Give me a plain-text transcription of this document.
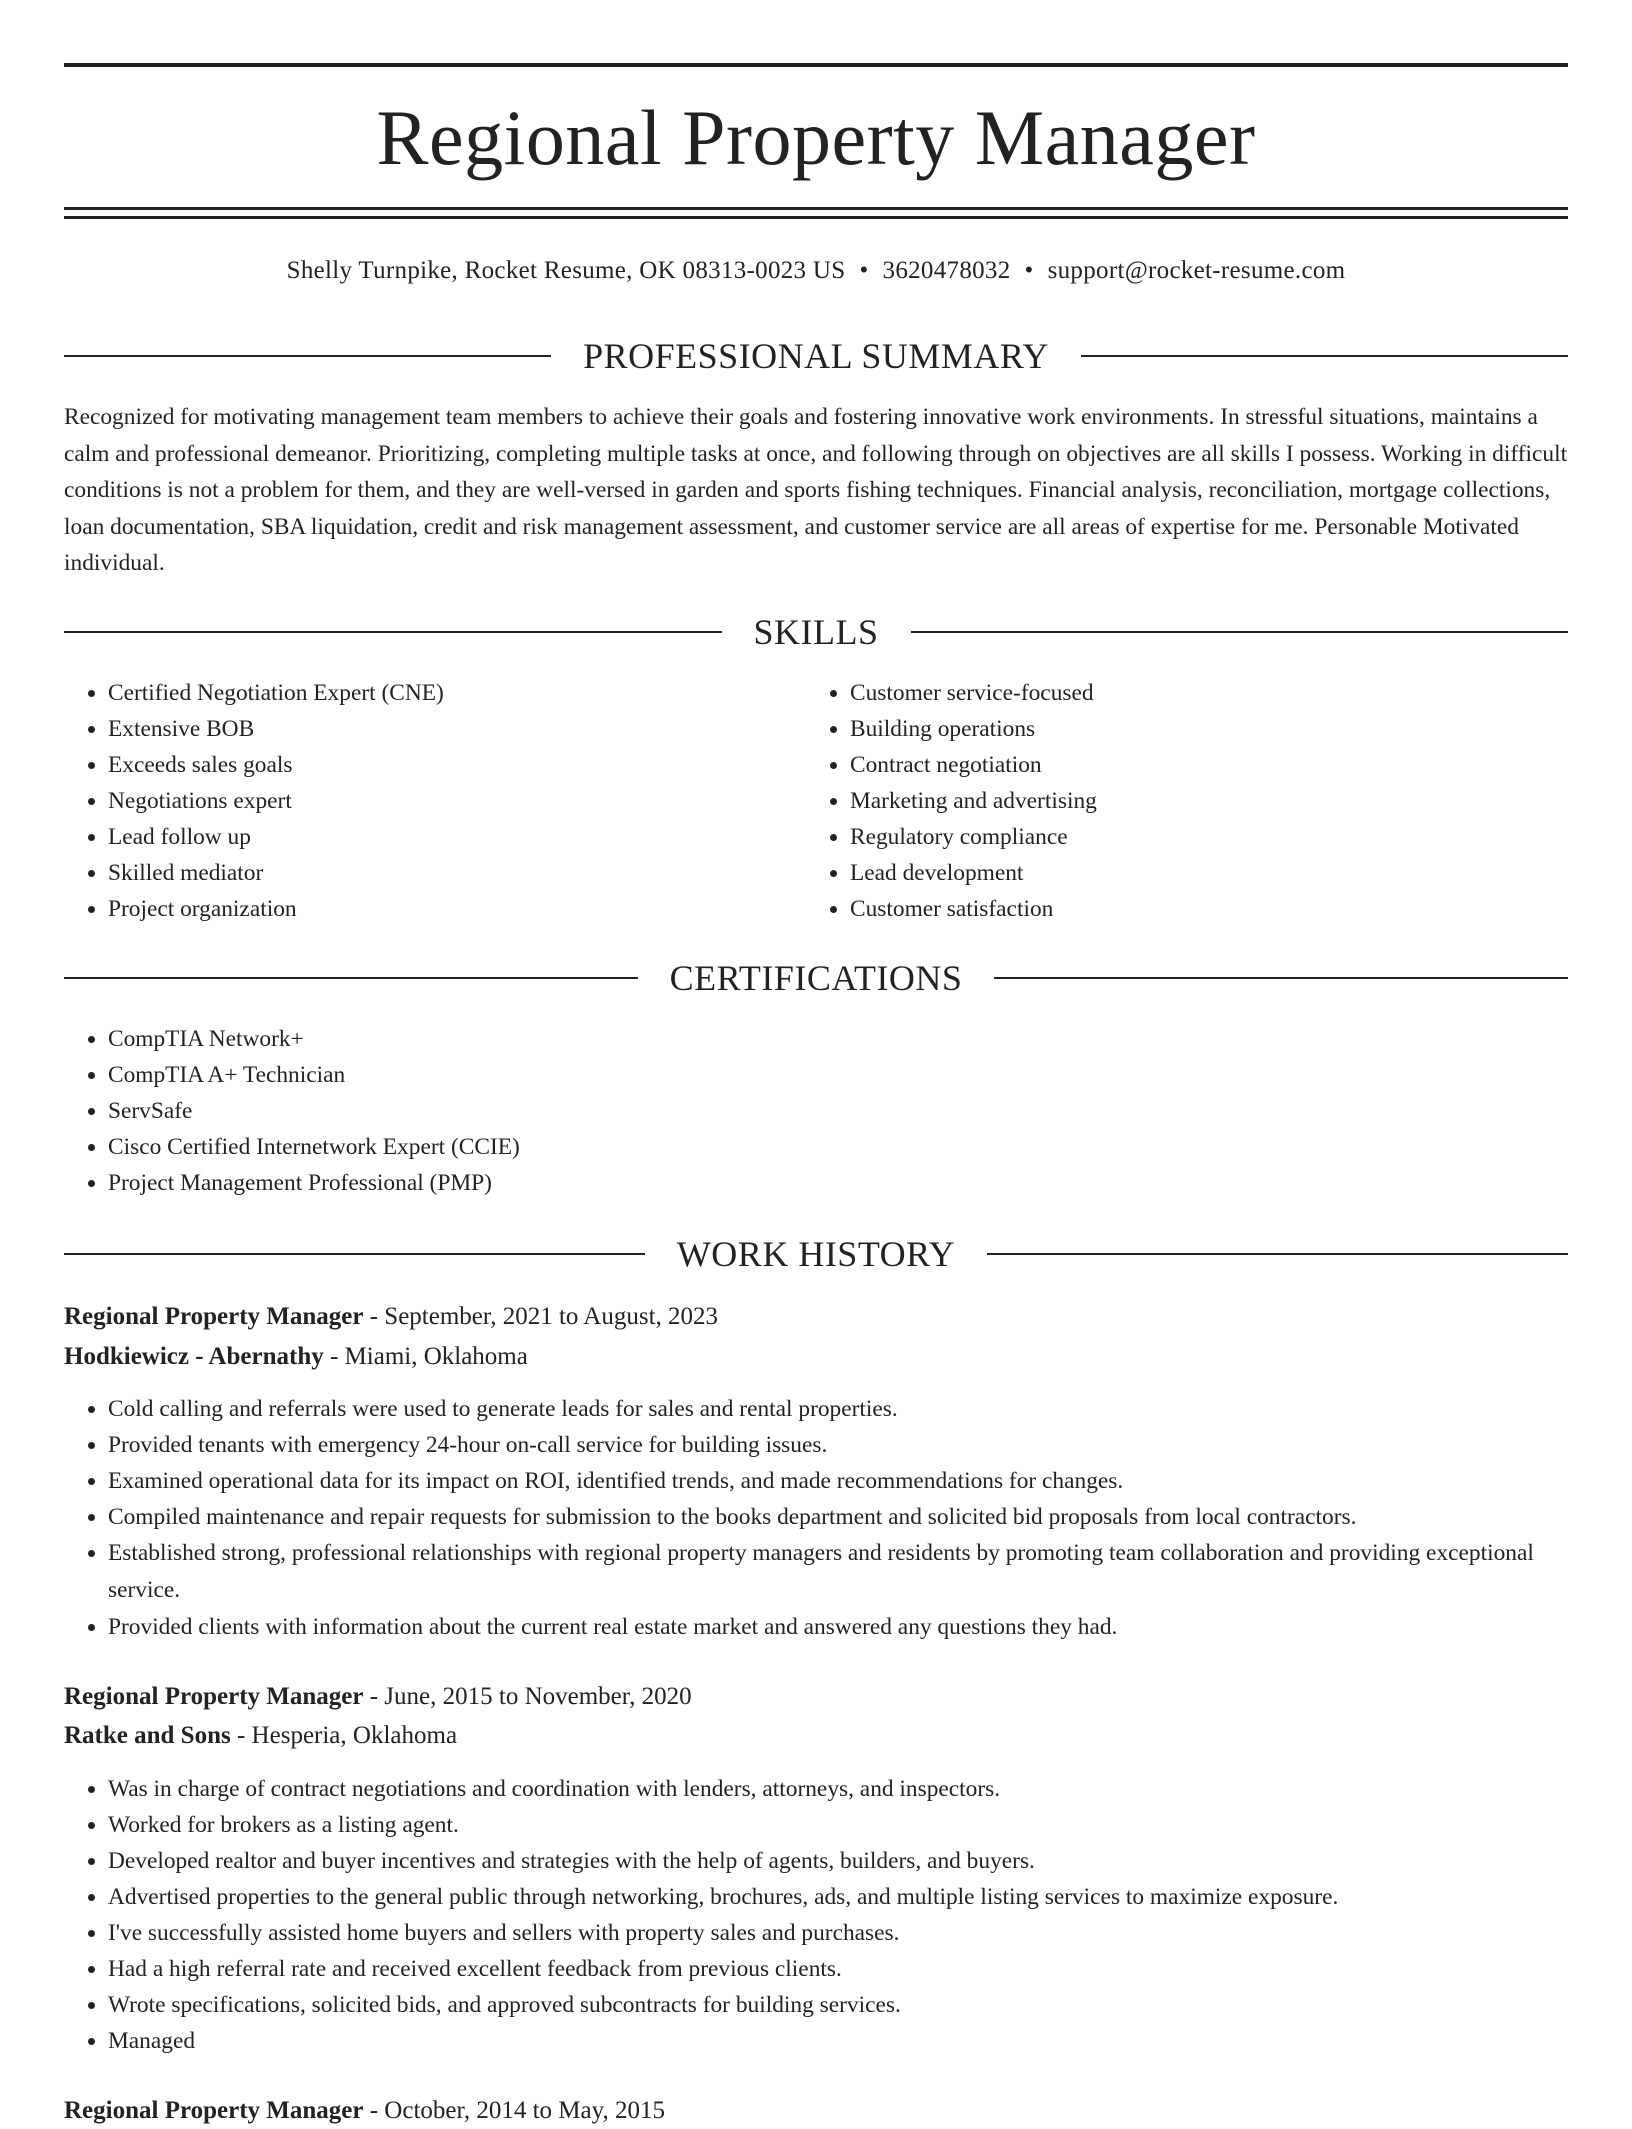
Regional Property Manager
Shelly Turnpike, Rocket Resume, OK 08313-0023 US • 3620478032 • support@rocket-resume.com
PROFESSIONAL SUMMARY

Recognized for motivating management team members to achieve their goals and fostering innovative work environments. In stressful situations, maintains a calm and professional demeanor. Prioritizing, completing multiple tasks at once, and following through on objectives are all skills I possess. Working in difficult conditions is not a problem for them, and they are well-versed in garden and sports fishing techniques. Financial analysis, reconciliation, mortgage collections, loan documentation, SBA liquidation, credit and risk management assessment, and customer service are all areas of expertise for me. Personable Motivated individual.

SKILLS
• Certified Negotiation Expert (CNE)
• Extensive BOB
• Exceeds sales goals
• Negotiations expert
• Lead follow up
• Skilled mediator
• Project organization
• Customer service-focused
• Building operations
• Contract negotiation
• Marketing and advertising
• Regulatory compliance
• Lead development
• Customer satisfaction
CERTIFICATIONS
• CompTIA Network+
• CompTIA A+ Technician
• ServSafe
• Cisco Certified Internetwork Expert (CCIE)
• Project Management Professional (PMP)
WORK HISTORY
Regional Property Manager - September, 2021 to August, 2023
Hodkiewicz - Abernathy - Miami, Oklahoma
• Cold calling and referrals were used to generate leads for sales and rental properties.
• Provided tenants with emergency 24-hour on-call service for building issues.
• Examined operational data for its impact on ROI, identified trends, and made recommendations for changes.
• Compiled maintenance and repair requests for submission to the books department and solicited bid proposals from local contractors.
• Established strong, professional relationships with regional property managers and residents by promoting team collaboration and providing exceptional service.
• Provided clients with information about the current real estate market and answered any questions they had.
Regional Property Manager - June, 2015 to November, 2020
Ratke and Sons - Hesperia, Oklahoma
• Was in charge of contract negotiations and coordination with lenders, attorneys, and inspectors.
• Worked for brokers as a listing agent.
• Developed realtor and buyer incentives and strategies with the help of agents, builders, and buyers.
• Advertised properties to the general public through networking, brochures, ads, and multiple listing services to maximize exposure.
• I've successfully assisted home buyers and sellers with property sales and purchases.
• Had a high referral rate and received excellent feedback from previous clients.
• Wrote specifications, solicited bids, and approved subcontracts for building services.
• Managed
Regional Property Manager - October, 2014 to May, 2015
